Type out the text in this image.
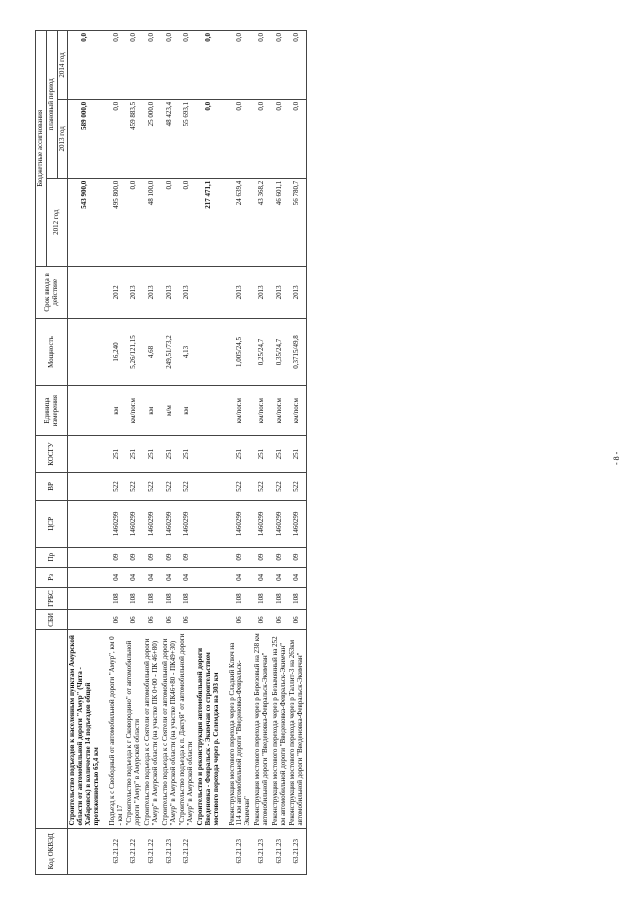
Код ОКВЭД		СБИ	ГРБС	Рз	Пр	ЦСР	ВР	КОСГУ	Единица измерения	Мощность	Срок ввода в действие	Бюджетные ассигнования		
												2012 год	плановый период	
													2013 год	2014 год
	Строительство подъездов к населенным пунктам Амурской области от автомобильной дороги "Амур" (Чита - Хабаровск) в количестве 14 подъездов общей протяженностью 65,4 км											543 900,0	589 000,0	0,0

63.21.22	Подъезд к с Свободный от автомобильной дороги "Амур", км 0 - км 17	06	108	04	09	1460299	522	251	км	16,240	2012	495 800,0	0,0	0,0
63.21.22	"Строительство подъезда к г Сковородино" от автомобильной дороги "Амур" в Амурской области	06	108	04	09	1460299	522	251	км/пог.м	5,26/121,15	2013	0,0	459 883,5	0,0
63.21.22	Строительство подъезда к с Сеятели от автомобильной дороги "Амур" в Амурской области (на участке ПК 0+00 - ПК 46+80)	06	108	04	09	1460299	522	251	км	4,68	2013	48 100,0	25 000,0	0,0
63.21.23	Строительство подъезда к с Сеятели от автомобильной дороги "Амур" в Амурской области (на участке ПК46+80 - ПК49+30)	06	108	04	09	1460299	522	251	м/м	249,51/73,2	2013	0,0	48 423,4	0,0
63.21.22	"Строительство подъезда к п. Дактуй" от автомобильной дороги "Амур" в Амурской области	06	108	04	09	1460299	522	251	км	4,13	2013	0,0	55 693,1	0,0
	Строительство и реконструкция автомобильной дороги Введеновка - Февральск - Экимчан со строительством мостового перехода через р. Селемджа на 303 км											217 471,1	0,0	0,0

63.21.23	Реконструкция мостового перехода через р Сладкий Ключ на 114 км автомобильной дороги "Введеновка-Февральск-Экимчан"	06	108	04	09	1460299	522	251	км/пог.м	1,005/24,5	2013	24 639,4	0,0	0,0
63.21.23	Реконструкция мостового перехода через р Березовый на 238 км автомобильной дороги "Введеновка-Февральск-Экимчан"	06	108	04	09	1460299	522	251	км/пог.м	0,25/24,7	2013	43 368,2	0,0	0,0
63.21.23	Реконструкция мостового перехода через р Безымянный на 252 км автомобильной дороги "Введеновка-Февральск-Экимчан"	06	108	04	09	1460299	522	251	км/пог.м	0,35/24,7	2013	46 601,1	0,0	0,0
63.21.23	Реконструкция мостового перехода через р Таллит-3 на 263км автомобильной дороги "Введеновка-Февральск-Экимчан"	06	108	04	09	1460299	522	251	км/пог.м	0,3715/49,8	2013	56 780,7	0,0	0,0
- 8 -
